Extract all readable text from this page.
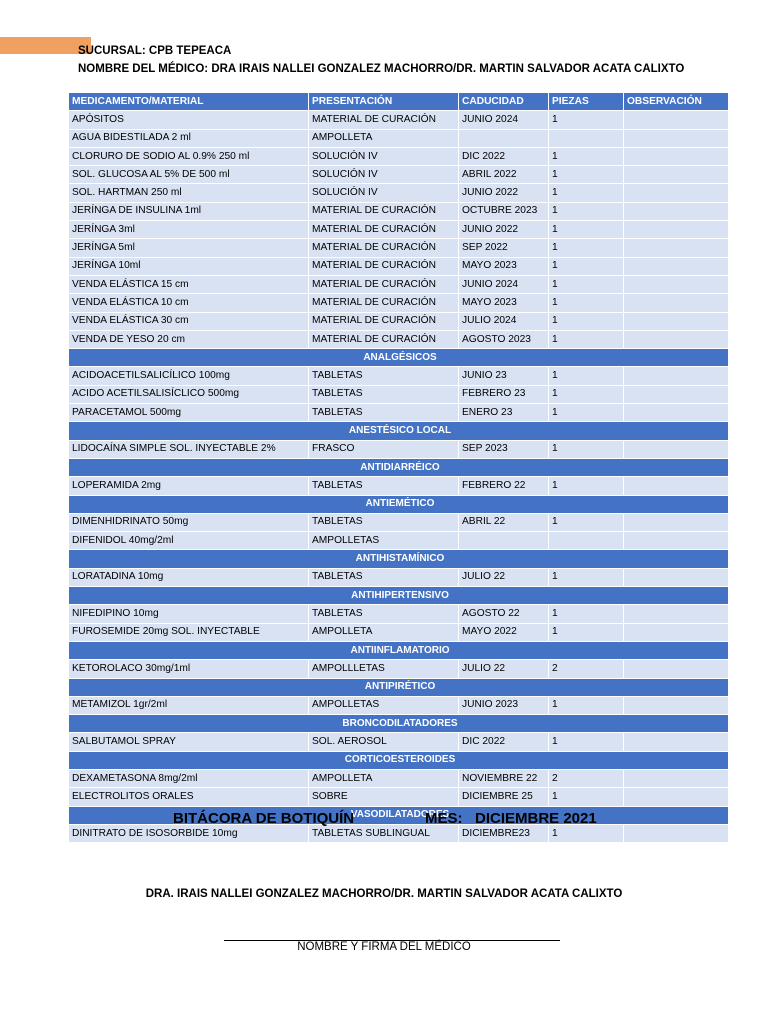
SUCURSAL: CPB TEPEACA
NOMBRE DEL MÉDICO: DRA IRAIS NALLEI GONZALEZ MACHORRO/DR. MARTIN SALVADOR ACATA CALIXTO
MEDICAMENTO/MATERIAL	PRESENTACIÓN	CADUCIDAD	PIEZAS	OBSERVACIÓN
APÓSITOS	MATERIAL DE CURACIÓN	JUNIO 2024	1	
AGUA BIDESTILADA 2 ml	AMPOLLETA			
CLORURO DE SODIO AL 0.9% 250 ml	SOLUCIÓN IV	DIC 2022	1	
SOL. GLUCOSA AL 5% DE 500 ml	SOLUCIÓN IV	ABRIL 2022	1	
SOL. HARTMAN 250 ml	SOLUCIÓN IV	JUNIO 2022	1	
JERÍNGA DE INSULINA 1ml	MATERIAL DE CURACIÓN	OCTUBRE 2023	1	
JERÍNGA 3ml	MATERIAL DE CURACIÓN	JUNIO 2022	1	
JERÍNGA 5ml	MATERIAL DE CURACIÓN	SEP 2022	1	
JERÍNGA 10ml	MATERIAL DE CURACIÓN	MAYO 2023	1	
VENDA ELÁSTICA 15 cm	MATERIAL DE CURACIÓN	JUNIO 2024	1	
VENDA ELÁSTICA 10 cm	MATERIAL DE CURACIÓN	MAYO 2023	1	
VENDA ELÁSTICA 30 cm	MATERIAL DE CURACIÓN	JULIO 2024	1	
VENDA DE YESO 20 cm	MATERIAL DE CURACIÓN	AGOSTO 2023	1	
ANALGÉSICOS				
ACIDOACETILSALICÍLICO 100mg	TABLETAS	JUNIO 23	1	
ACIDO ACETILSALISÍCLICO 500mg	TABLETAS	FEBRERO 23	1	
PARACETAMOL 500mg	TABLETAS	ENERO 23	1	
ANESTÉSICO LOCAL				
LIDOCAÍNA SIMPLE SOL. INYECTABLE 2%	FRASCO	SEP 2023	1	
ANTIDIARRÉICO				
LOPERAMIDA 2mg	TABLETAS	FEBRERO 22	1	
ANTIEMÉTICO				
DIMENHIDRINATO 50mg	TABLETAS	ABRIL 22	1	
DIFENIDOL 40mg/2ml	AMPOLLETAS			
ANTIHISTAMÍNICO				
LORATADINA 10mg	TABLETAS	JULIO 22	1	
ANTIHIPERTENSIVO				
NIFEDIPINO 10mg	TABLETAS	AGOSTO 22	1	
FUROSEMIDE 20mg SOL. INYECTABLE	AMPOLLETA	MAYO 2022	1	
ANTIINFLAMATORIO				
KETOROLACO 30mg/1ml	AMPOLLLETAS	JULIO 22	2	
ANTIPIRÉTICO				
METAMIZOL 1gr/2ml	AMPOLLETAS	JUNIO 2023	1	
BRONCODILATADORES				
SALBUTAMOL SPRAY	SOL. AEROSOL	DIC 2022	1	
CORTICOESTEROIDES				
DEXAMETASONA 8mg/2ml	AMPOLLETA	NOVIEMBRE 22	2	
ELECTROLITOS ORALES	SOBRE	DICIEMBRE 25	1	
VASODILATADORES				
DINITRATO DE ISOSORBIDE 10mg	TABLETAS SUBLINGUAL	DICIEMBRE23	1	
BITÁCORA DE BOTIQUÍN	MES:   DICIEMBRE 2021
DRA. IRAIS NALLEI GONZALEZ MACHORRO/DR. MARTIN SALVADOR ACATA CALIXTO
NOMBRE Y FIRMA DEL MÉDICO
